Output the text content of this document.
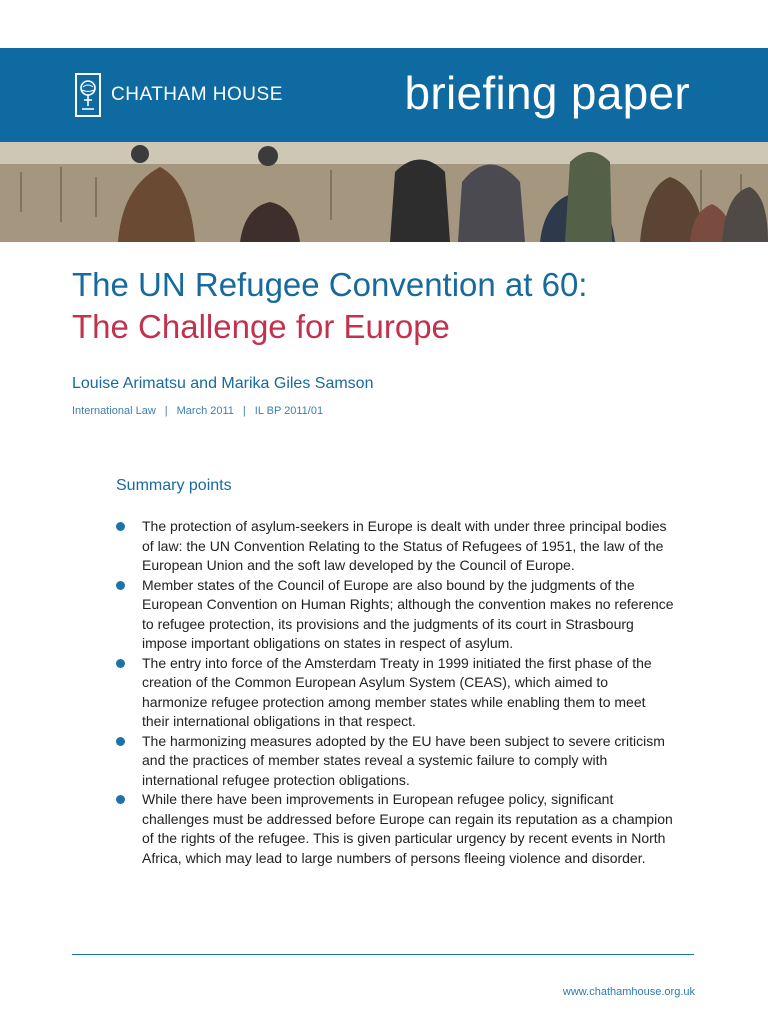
CHATHAM HOUSE	briefing paper
The UN Refugee Convention at 60:
The Challenge for Europe
Louise Arimatsu and Marika Giles Samson
International Law | March 2011 | IL BP 2011/01
Summary points
The protection of asylum-seekers in Europe is dealt with under three principal bodies of law: the UN Convention Relating to the Status of Refugees of 1951, the law of the European Union and the soft law developed by the Council of Europe.
Member states of the Council of Europe are also bound by the judgments of the European Convention on Human Rights; although the convention makes no reference to refugee protection, its provisions and the judgments of its court in Strasbourg impose important obligations on states in respect of asylum.
The entry into force of the Amsterdam Treaty in 1999 initiated the first phase of the creation of the Common European Asylum System (CEAS), which aimed to harmonize refugee protection among member states while enabling them to meet their international obligations in that respect.
The harmonizing measures adopted by the EU have been subject to severe criticism and the practices of member states reveal a systemic failure to comply with international refugee protection obligations.
While there have been improvements in European refugee policy, significant challenges must be addressed before Europe can regain its reputation as a champion of the rights of the refugee. This is given particular urgency by recent events in North Africa, which may lead to large numbers of persons fleeing violence and disorder.
www.chathamhouse.org.uk
